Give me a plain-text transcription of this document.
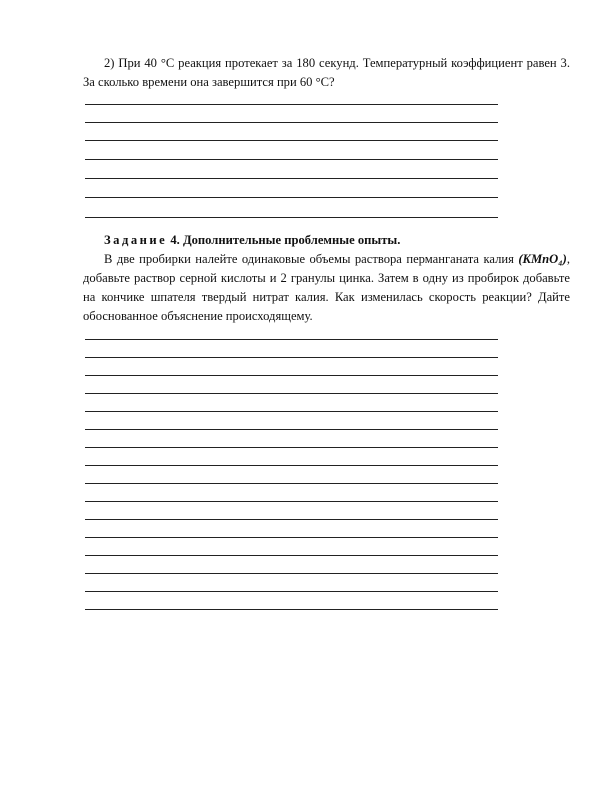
2) При 40 °С реакция протекает за 180 секунд. Температурный коэффициент равен 3. За сколько времени она завершится при 60 °С?
Задание 4. Дополнительные проблемные опыты.
В две пробирки налейте одинаковые объемы раствора перманганата калия (KMnO₄), добавьте раствор серной кислоты и 2 гранулы цинка. Затем в одну из пробирок добавьте на кончике шпателя твердый нитрат калия. Как изменилась скорость реакции? Дайте обоснованное объяснение происходящему.
